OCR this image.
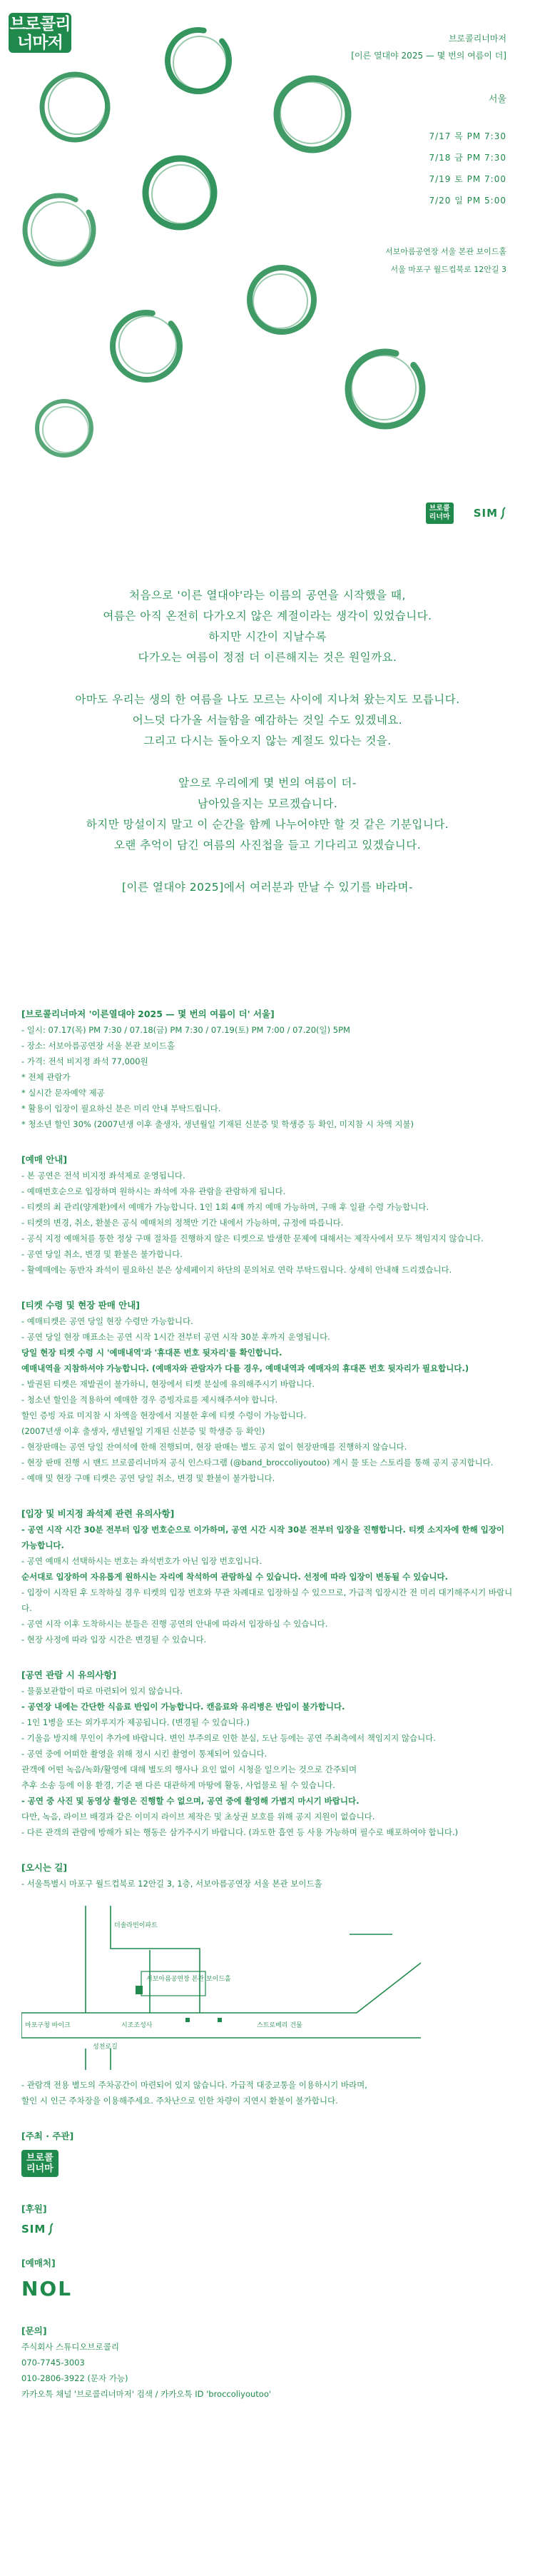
브로콜리
너마저	브로콜리너마저
[이른 열대야 2025 — 몇 번의 여름이 더]
서울
7/17 목 PM 7:30
7/18 금 PM 7:30
7/19 토 PM 7:00
7/20 일 PM 5:00
서보아름공연장 서울 본관 보이드홀
서울 마포구 월드컵북로 12안길 3
브로콜
리너마 SIM

처음으로 '이른 열대야'라는 이름의 공연을 시작했을 때,

여름은 아직 온전히 다가오지 않은 계절이라는 생각이 있었습니다.

하지만 시간이 지날수록

다가오는 여름이 정점 더 이른해지는 것은 원일까요.

아마도 우리는 생의 한 여름을 나도 모르는 사이에 지나쳐 왔는지도 모릅니다.

어느덧 다가올 서늘함을 예감하는 것일 수도 있겠네요.

그리고 다시는 돌아오지 않는 계절도 있다는 것을.

앞으로 우리에게 몇 번의 여름이 더-

남아있을지는 모르겠습니다.

하지만 망설이지 말고 이 순간을 함께 나누어야만 할 것 같은 기분입니다.

오랜 추억이 담긴 여름의 사진첩을 들고 기다리고 있겠습니다.

[이른 열대야 2025]에서 여러분과 만날 수 있기를 바라며-

[브로콜리너마저 '이른열대야 2025 — 몇 번의 여름이 더' 서울]

- 일시: 07.17(목) PM 7:30 / 07.18(금) PM 7:30 / 07.19(토) PM 7:00 / 07.20(일) 5PM

- 장소: 서보아름공연장 서울 본관 보이드홀

- 가격: 전석 비지정 좌석 77,000원

* 전체 관람가

* 실시간 문자예약 제공

* 활용이 입장이 필요하신 분은 미리 안내 부탁드립니다.

* 청소년 할인 30% (2007년생 이후 출생자, 생년월일 기재된 신분증 및 학생증 등 확인, 미지참 시 차액 지불)

[예매 안내]

- 본 공연은 전석 비지정 좌석제로 운영됩니다.

- 예매번호순으로 입장하며 원하시는 좌석에 자유 관람을 관람하게 됩니다.

- 티켓의 최 관리(양계환)에서 예매가 가능합니다. 1인 1회 4매 까지 예매 가능하며, 구매 후 일괄 수령 가능합니다.

- 티켓의 변경, 취소, 환불은 공식 예매처의 정책만 기간 내에서 가능하며, 규정에 따릅니다.

- 공식 지정 예매처를 통한 정상 구매 절차를 진행하지 않은 티켓으로 발생한 문제에 대해서는 제작사에서 모두 책임지지 않습니다.

- 공연 당일 취소, 변경 및 환불은 불가합니다.

- 활예매에는 동반자 좌석이 필요하신 분은 상세페이지 하단의 문의처로 연락 부탁드립니다. 상세히 안내해 드리겠습니다.

[티켓 수령 및 현장 판매 안내]

- 예매티켓은 공연 당일 현장 수령만 가능합니다.

- 공연 당일 현장 매표소는 공연 시작 1시간 전부터 공연 시작 30분 후까지 운영됩니다.

당일 현장 티켓 수령 시 '예매내역'과 '휴대폰 번호 뒷자리'를 확인합니다.

예매내역을 지참하셔야 가능합니다. (예매자와 관람자가 다를 경우, 예매내역과 예매자의 휴대폰 번호 뒷자리가 필요합니다.)

- 발권된 티켓은 재발권이 불가하니, 현장에서 티켓 분실에 유의해주시기 바랍니다.

- 청소년 할인을 적용하여 예매한 경우 증빙자료를 제시해주셔야 합니다.

할인 증빙 자료 미지참 시 차액을 현장에서 지불한 후에 티켓 수령이 가능합니다.

(2007년생 이후 출생자, 생년월일 기재된 신분증 및 학생증 등 확인)

- 현장판매는 공연 당일 잔여석에 한해 진행되며, 현장 판매는 별도 공지 없이 현장판매를 진행하지 않습니다.

- 현장 판매 진행 시 밴드 브로콜리너마저 공식 인스타그램 (@band_broccoliyoutoo) 계시 물 또는 스토리를 통해 공지 공지합니다.

- 예매 및 현장 구매 티켓은 공연 당일 취소, 변경 및 환불이 불가합니다.

[입장 및 비지정 좌석제 관련 유의사항]

- 공연 시작 시간 30분 전부터 입장 번호순으로 이가하며, 공연 시간 시작 30분 전부터 입장을 진행합니다. 티켓 소지자에 한해 입장이 가능합니다.

- 공연 예매시 선택하시는 번호는 좌석번호가 아닌 입장 번호입니다.

순서대로 입장하여 자유롭게 원하시는 자리에 착석하여 관람하실 수 있습니다. 선정에 따라 입장이 변동될 수 있습니다.

- 입장이 시작된 후 도착하실 경우 티켓의 입장 번호와 무관 차례대로 입장하실 수 있으므로, 가급적 입장시간 전 미리 대기해주시기 바랍니다.

- 공연 시작 이후 도착하시는 분들은 진행 공연의 안내에 따라서 입장하실 수 있습니다.

- 현장 사정에 따라 입장 시간은 변경될 수 있습니다.

[공연 관람 시 유의사항]

- 물품보관함이 따로 마련되어 있지 않습니다.

- 공연장 내에는 간단한 식음료 반입이 가능합니다. 캔음료와 유리병은 반입이 불가합니다.

- 1인 1병을 또는 외가루지가 제공됩니다. (변경될 수 있습니다.)

- 기울음 방지해 무인이 추가에 바랍니다. 변인 부주의로 인한 분실, 도난 등에는 공연 주최측에서 책임지지 않습니다.

- 공연 중에 어떠한 촬영을 위해 정시 시킨 촬영이 통제되어 있습니다.

관객에 어떤 녹음/녹화/활영에 대해 별도의 행사나 요인 없이 시청을 일으키는 것으로 간주되며

추후 소송 등에 이용 환경, 기준 팬 다른 대관하게 마땅에 활동, 사업물로 될 수 있습니다.

- 공연 중 사진 및 동영상 촬영은 진행할 수 없으며, 공연 중에 촬영해 가볍지 마시기 바랍니다.

다만, 녹음, 라이브 배경과 같은 이미지 라이브 제작은 및 초상권 보호를 위해 공지 지원이 없습니다.

- 다른 관객의 관람에 방해가 되는 행동은 삼가주시기 바랍니다. (과도한 흡연 등 사용 가능하며 필수로 배포하여야 합니다.)

[오시는 길]

- 서울특별시 마포구 월드컵북로 12안길 3, 1층, 서보아름공연장 서울 본관 보이드홀

더솔라빈이파트
서보아름공연장 본관 보이드홀
마포구청 바이크	시조조성사
성천로길
스트로베리 건물

- 관람객 전용 별도의 주차공간이 마련되어 있지 않습니다. 가급적 대중교통을 이용하시기 바라며,

할인 시 인근 주차장을 이용해주세요. 주차난으로 인한 차량이 지연시 환불이 불가합니다.

[주최 · 주관]

브로콜
리너마

[후원]

SIM

[예매처]

NOL

[문의]

주식회사 스튜디오브로콜리

070-7745-3003

010-2806-3922 (문자 가능)

카카오톡 채널 '브로콜리너마저' 검색 / 카카오톡 ID 'broccoliyoutoo'
